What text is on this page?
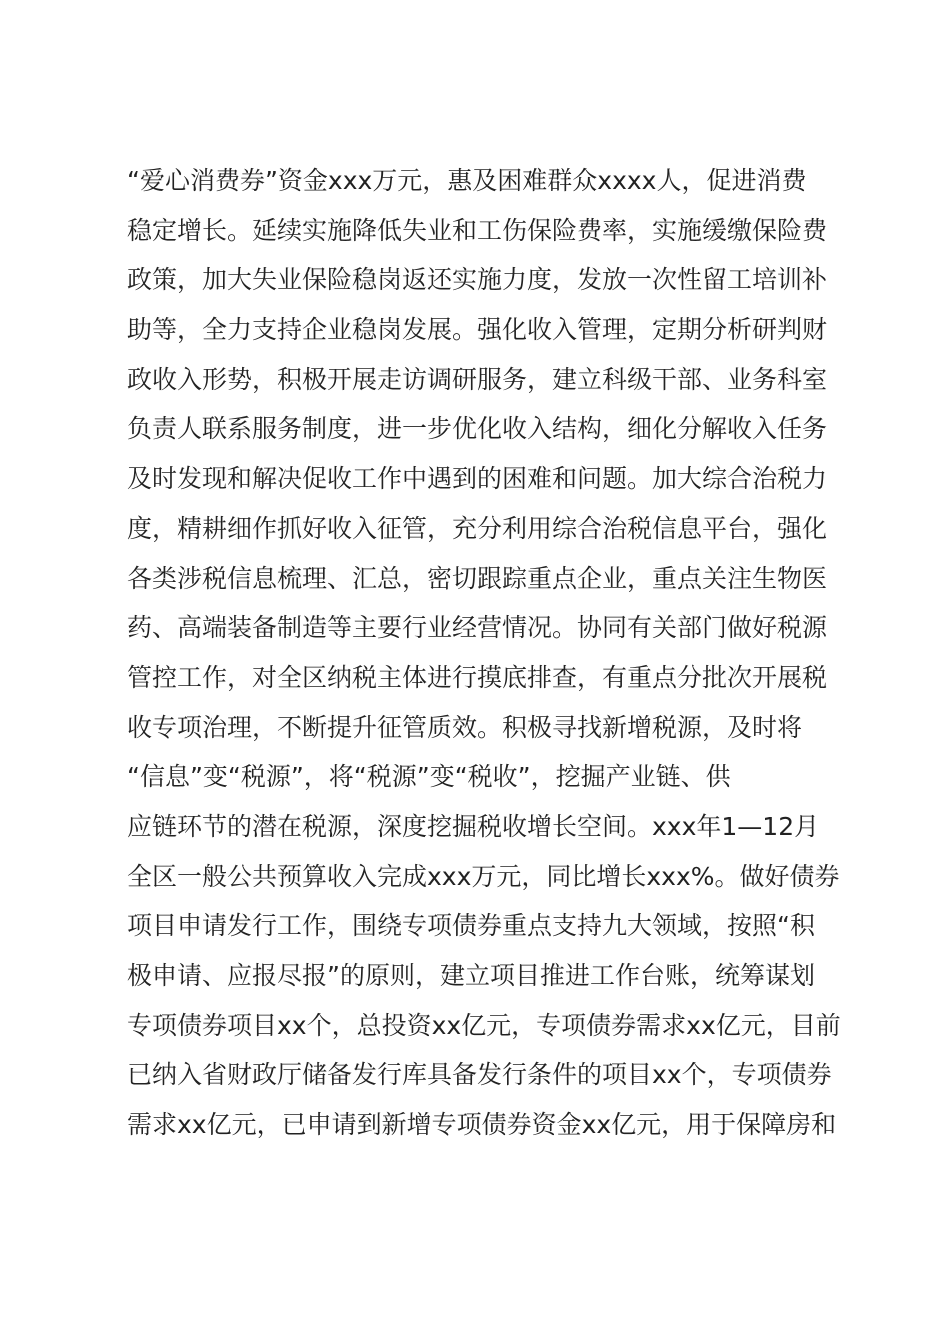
“爱心消费券”资金xxx万元，惠及困难群众xxxx人，促进消费
稳定增长。延续实施降低失业和工伤保险费率，实施缓缴保险费
政策，加大失业保险稳岗返还实施力度，发放一次性留工培训补
助等，全力支持企业稳岗发展。强化收入管理，定期分析研判财
政收入形势，积极开展走访调研服务，建立科级干部、业务科室
负责人联系服务制度，进一步优化收入结构，细化分解收入任务
及时发现和解决促收工作中遇到的困难和问题。加大综合治税力
度，精耕细作抓好收入征管，充分利用综合治税信息平台，强化
各类涉税信息梳理、汇总，密切跟踪重点企业，重点关注生物医
药、高端装备制造等主要行业经营情况。协同有关部门做好税源
管控工作，对全区纳税主体进行摸底排查，有重点分批次开展税
收专项治理，不断提升征管质效。积极寻找新增税源，及时将
“信息”变“税源”，将“税源”变“税收”，挖掘产业链、供
应链环节的潜在税源，深度挖掘税收增长空间。xxx年1—12月
全区一般公共预算收入完成xxx万元，同比增长xxx%。做好债券
项目申请发行工作，围绕专项债券重点支持九大领域，按照“积
极申请、应报尽报”的原则，建立项目推进工作台账，统筹谋划
专项债券项目xx个，总投资xx亿元，专项债券需求xx亿元，目前
已纳入省财政厅储备发行库具备发行条件的项目xx个，专项债券
需求xx亿元，已申请到新增专项债券资金xx亿元，用于保障房和
